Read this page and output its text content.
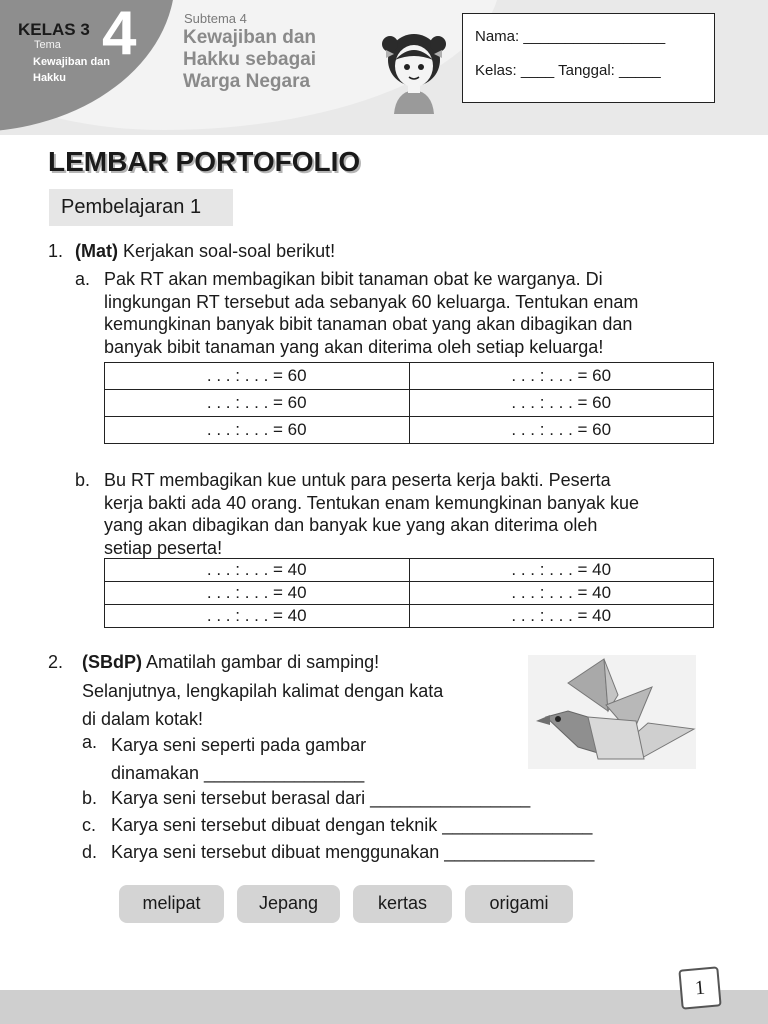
KELAS 3 4
Tema
Kewajiban dan Hakku
Subtema 4
Kewajiban dan Hakku sebagai Warga Negara
Nama: _________________
Kelas: ____ Tanggal: _____
LEMBAR PORTOFOLIO
Pembelajaran 1
1. (Mat) Kerjakan soal-soal berikut!
a. Pak RT akan membagikan bibit tanaman obat ke warganya. Di
lingkungan RT tersebut ada sebanyak 60 keluarga. Tentukan enam
kemungkinan banyak bibit tanaman obat yang akan dibagikan dan
banyak bibit tanaman yang akan diterima oleh setiap keluarga!
. . . : . . . = 60	. . . : . . . = 60
. . . : . . . = 60	. . . : . . . = 60
. . . : . . . = 60	. . . : . . . = 60
b. Bu RT membagikan kue untuk para peserta kerja bakti. Peserta
kerja bakti ada 40 orang. Tentukan enam kemungkinan banyak kue
yang akan dibagikan dan banyak kue yang akan diterima oleh
setiap peserta!
. . . : . . . = 40	. . . : . . . = 40
. . . : . . . = 40	. . . : . . . = 40
. . . : . . . = 40	. . . : . . . = 40
2. (SBdP) Amatilah gambar di samping!
Selanjutnya, lengkapilah kalimat dengan kata
di dalam kotak!
a. Karya seni seperti pada gambar
dinamakan ________________
b. Karya seni tersebut berasal dari ________________
c. Karya seni tersebut dibuat dengan teknik _______________
d. Karya seni tersebut dibuat menggunakan _______________
melipat	Jepang	kertas	origami
1
